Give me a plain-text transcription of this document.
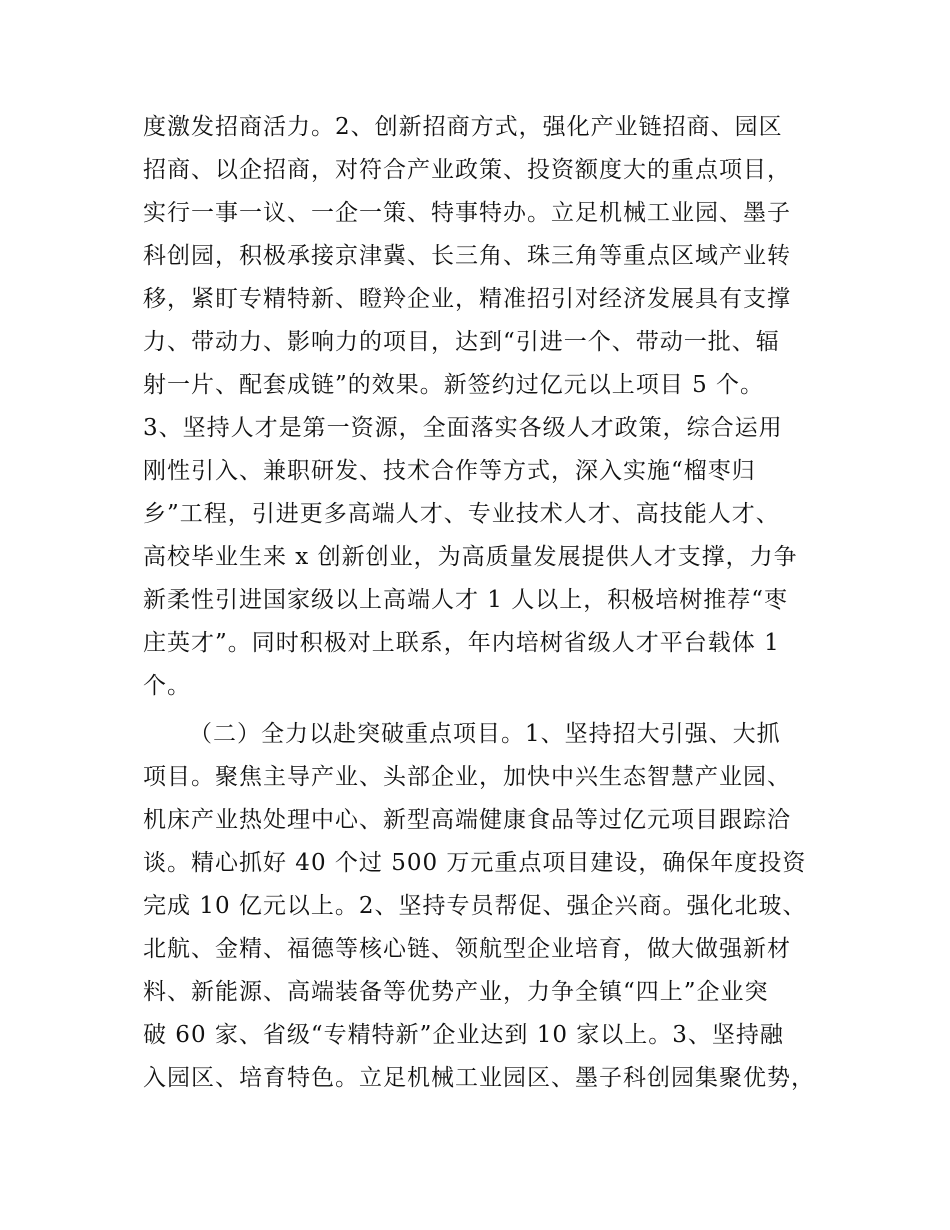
度激发招商活力。2、创新招商方式，强化产业链招商、园区
招商、以企招商，对符合产业政策、投资额度大的重点项目，
实行一事一议、一企一策、特事特办。立足机械工业园、墨子
科创园，积极承接京津冀、长三角、珠三角等重点区域产业转
移，紧盯专精特新、瞪羚企业，精准招引对经济发展具有支撑
力、带动力、影响力的项目，达到“引进一个、带动一批、辐
射一片、配套成链”的效果。新签约过亿元以上项目 5 个。
3、坚持人才是第一资源，全面落实各级人才政策，综合运用
刚性引入、兼职研发、技术合作等方式，深入实施“榴枣归
乡”工程，引进更多高端人才、专业技术人才、高技能人才、
高校毕业生来 x 创新创业，为高质量发展提供人才支撑，力争
新柔性引进国家级以上高端人才 1 人以上，积极培树推荐“枣
庄英才”。同时积极对上联系，年内培树省级人才平台载体 1
个。
（二）全力以赴突破重点项目。1、坚持招大引强、大抓
项目。聚焦主导产业、头部企业，加快中兴生态智慧产业园、
机床产业热处理中心、新型高端健康食品等过亿元项目跟踪洽
谈。精心抓好 40 个过 500 万元重点项目建设，确保年度投资
完成 10 亿元以上。2、坚持专员帮促、强企兴商。强化北玻、
北航、金精、福德等核心链、领航型企业培育，做大做强新材
料、新能源、高端装备等优势产业，力争全镇“四上”企业突
破 60 家、省级“专精特新”企业达到 10 家以上。3、坚持融
入园区、培育特色。立足机械工业园区、墨子科创园集聚优势，
